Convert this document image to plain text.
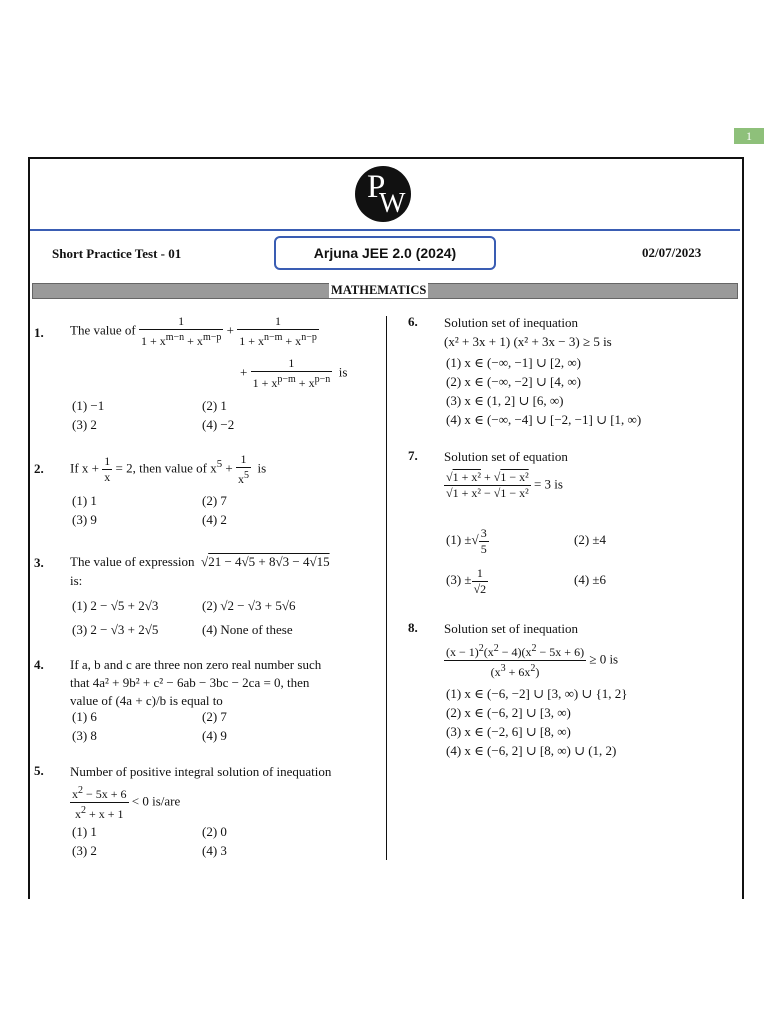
1
P
W
Short Practice Test - 01	Arjuna JEE 2.0 (2024)	02/07/2023
MATHEMATICS
1. The value of $\frac{1}{1 + x^{m-n} + x^{m-p}} + \frac{1}{1 + x^{n-m} + x^{n-p}}$
+ $\frac{1}{1 + x^{p-m} + x^{p-n}}$ is
(1) −1	(2) 1
(3) 2	(4) −2
2. If $x + \frac{1}{x} = 2$, then value of $x^5 + \frac{1}{x^5}$ is
(1) 1	(2) 7
(3) 9	(4) 2
3. The value of expression  √21 − 4√5 + 8√3 − 4√15
is:
(1) 2 − √5 + 2√3	(2) √2 − √3 + 5√6
(3) 2 − √3 + 2√5	(4) None of these
4. If a, b and c are three non zero real number such
that 4a² + 9b² + c² − 6ab − 3bc − 2ca = 0, then
value of (4a + c)/b is equal to
(1) 6	(2) 7
(3) 8	(4) 9
5. Number of positive integral solution of inequation
$\frac{x^2 - 5x + 6}{x^2 + x + 1} < 0$ is/are
(1) 1	(2) 0
(3) 2	(4) 3
6. Solution set of inequation
(x² + 3x + 1) (x² + 3x − 3) ≥ 5 is
(1) x ∈ (−∞, −1] ∪ [2, ∞)
(2) x ∈ (−∞, −2] ∪ [4, ∞)
(3) x ∈ (1, 2] ∪ [6, ∞)
(4) x ∈ (−∞, −4] ∪ [−2, −1] ∪ [1, ∞)
7. Solution set of equation
$\frac{\text{√1 + x² + √1 − x²}}{\text{√1 + x² − √1 − x²}} = 3$ is
(1) ±√ $\frac{3}{5}$	(2) ±4
$(3) \pm \frac{1}{√2}$	(4) ±6
8. Solution set of inequation
$\frac{(x - 1)^2(x^2 - 4)(x^2 - 5x + 6)}{(x^3 + 6x^2)} \ge 0$ is
(1) x ∈ (−6, −2] ∪ [3, ∞) ∪ {1, 2}
(2) x ∈ (−6, 2] ∪ [3, ∞)
(3) x ∈ (−2, 6] ∪ [8, ∞)
(4) x ∈ (−6, 2] ∪ [8, ∞) ∪ (1, 2)
